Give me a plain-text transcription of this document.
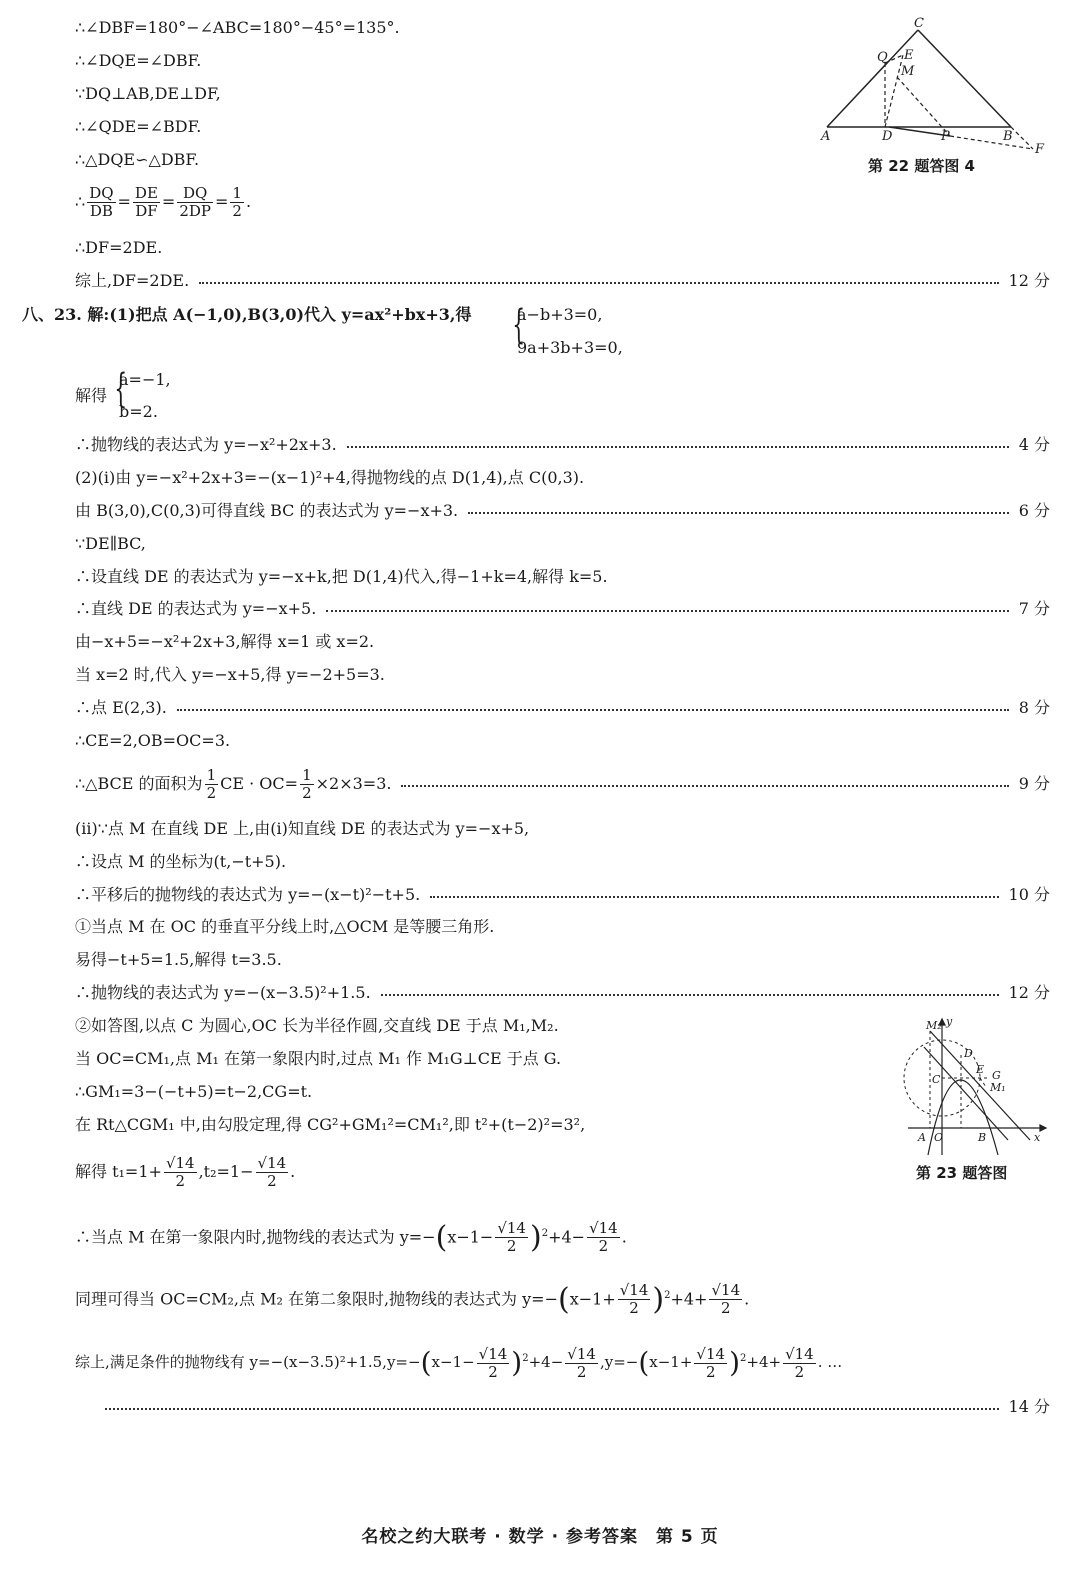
∴∠DBF=180°−∠ABC=180°−45°=135°.
∴∠DQE=∠DBF.
∵DQ⊥AB,DE⊥DF,
∴∠QDE=∠BDF.
∴△DQE∽△DBF.
∴ $\frac{DQ}{DB} = \frac{DE}{DF} = \frac{DQ}{2DP} = \frac{1}{2}$ .
∴DF=2DE.
综上,DF=2DE.	12 分
八、23. 解:(1)把点 A(−1,0),B(3,0)代入 y=ax²+bx+3,得 {
a−b+3=0,
9a+3b+3=0,
解得 {
a=−1,
b=2.
∴抛物线的表达式为 y=−x²+2x+3.	4 分
(2)(ⅰ)由 y=−x²+2x+3=−(x−1)²+4,得抛物线的点 D(1,4),点 C(0,3).
由 B(3,0),C(0,3)可得直线 BC 的表达式为 y=−x+3.	6 分
∵DE∥BC,
∴设直线 DE 的表达式为 y=−x+k,把 D(1,4)代入,得−1+k=4,解得 k=5.
∴直线 DE 的表达式为 y=−x+5.	7 分
由−x+5=−x²+2x+3,解得 x=1 或 x=2.
当 x=2 时,代入 y=−x+5,得 y=−2+5=3.
∴点 E(2,3).	8 分
∴CE=2,OB=OC=3.
∴△BCE 的面积为 $\frac{1}{2}$ CE · $OC= \frac{1}{2} \times 2\times 3=3$.	9 分
(ⅱ)∵点 M 在直线 DE 上,由(ⅰ)知直线 DE 的表达式为 y=−x+5,
∴设点 M 的坐标为(t,−t+5).
∴平移后的抛物线的表达式为 y=−(x−t)²−t+5.	10 分
①当点 M 在 OC 的垂直平分线上时,△OCM 是等腰三角形.
易得−t+5=1.5,解得 t=3.5.
∴抛物线的表达式为 y=−(x−3.5)²+1.5.	12 分
②如答图,以点 C 为圆心,OC 长为半径作圆,交直线 DE 于点 M₁,M₂.
当 OC=CM₁,点 M₁ 在第一象限内时,过点 M₁ 作 M₁G⊥CE 于点 G.
∴GM₁=3−(−t+5)=t−2,CG=t.
在 Rt△CGM₁ 中,由勾股定理,得 CG²+GM₁²=CM₁²,即 t²+(t−2)²=3²,
解得 $t_1=1+ \frac{√14}{2} ,t_2=1- \frac{√14}{2}$ .
∴当点 M 在第一象限内时,抛物线的表达式为 $y=-(x-1- \frac{√14}{2} )^2+4- \frac{√14}{2}$ .
同理可得当 OC=CM₂,点 M₂ 在第二象限时,抛物线的表达式为 $y=-(x-1+ \frac{√14}{2} )^2+4+ \frac{√14}{2}$ .
综上,满足条件的抛物线有 $y=-(x-3.5)^2+1.5,y=-(x-1- \frac{√14}{2} )^2+4- \frac{√14}{2} ,y=-(x-1+ \frac{√14}{2} )^2+4+ \frac{√14}{2}$ . …
14 分
C
Q E
M
A	D	P	B
F
第 22 题答图 4
M₂ y
D
E G
M₁
C
A O	B	x
第 23 题答图
名校之约大联考 · 数学 · 参考答案　第 5 页
